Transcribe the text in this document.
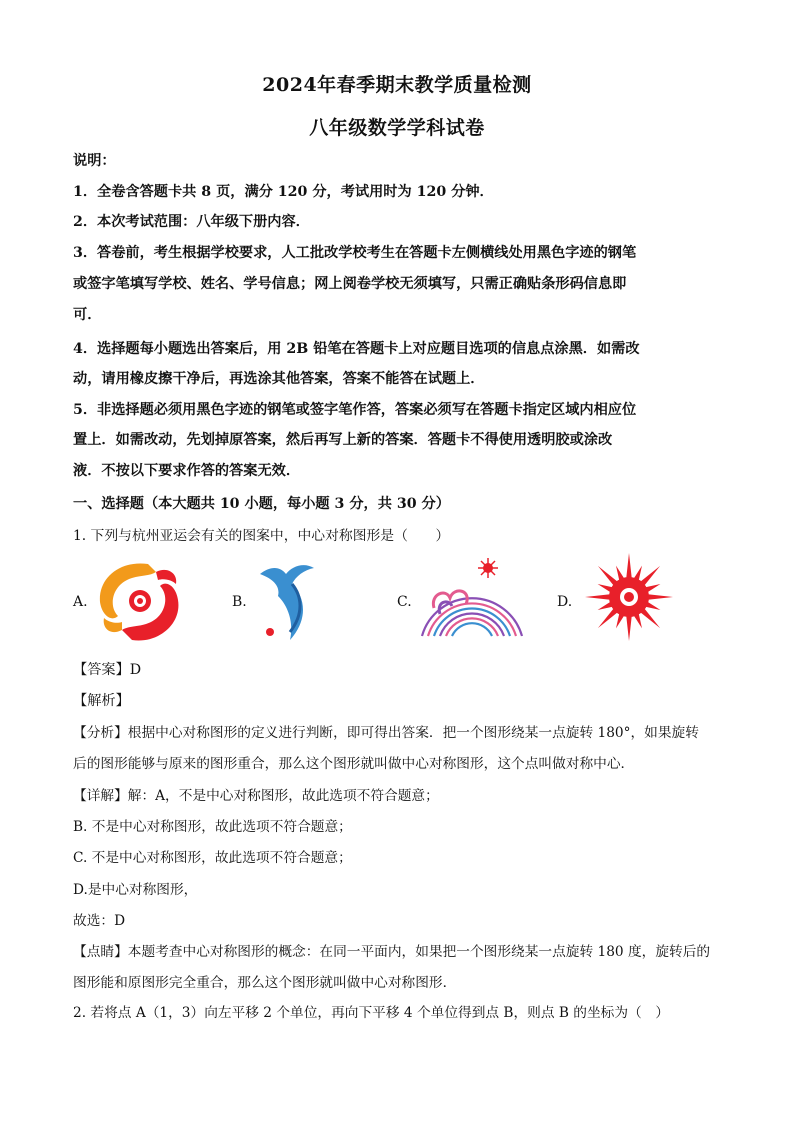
2024年春季期末教学质量检测
八年级数学学科试卷
说明：
1．全卷含答题卡共 8 页，满分 120 分，考试用时为 120 分钟．
2．本次考试范围：八年级下册内容．
3．答卷前，考生根据学校要求，人工批改学校考生在答题卡左侧横线处用黑色字迹的钢笔
或签字笔填写学校、姓名、学号信息；网上阅卷学校无须填写，只需正确贴条形码信息即
可．
4．选择题每小题选出答案后，用 2B 铅笔在答题卡上对应题目选项的信息点涂黑．如需改
动，请用橡皮擦干净后，再选涂其他答案，答案不能答在试题上．
5．非选择题必须用黑色字迹的钢笔或签字笔作答，答案必须写在答题卡指定区域内相应位
置上．如需改动，先划掉原答案，然后再写上新的答案．答题卡不得使用透明胶或涂改
液．不按以下要求作答的答案无效．
一、选择题（本大题共 10 小题，每小题 3 分，共 30 分）
1. 下列与杭州亚运会有关的图案中，中心对称图形是（　　）
A.	B.	C.	D.
【答案】D
【解析】
【分析】根据中心对称图形的定义进行判断，即可得出答案．把一个图形绕某一点旋转 180°，如果旋转
后的图形能够与原来的图形重合，那么这个图形就叫做中心对称图形，这个点叫做对称中心．
【详解】解：A，不是中心对称图形，故此选项不符合题意；
B. 不是中心对称图形，故此选项不符合题意；
C. 不是中心对称图形，故此选项不符合题意；
D.是中心对称图形，
故选：D
【点睛】本题考查中心对称图形的概念：在同一平面内，如果把一个图形绕某一点旋转 180 度，旋转后的
图形能和原图形完全重合，那么这个图形就叫做中心对称图形．
2. 若将点 A（1，3）向左平移 2 个单位，再向下平移 4 个单位得到点 B，则点 B 的坐标为（　）
